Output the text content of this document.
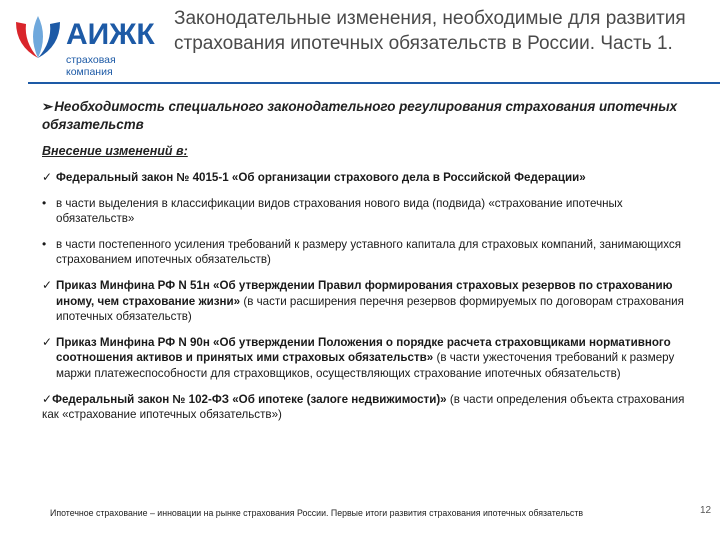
АИЖК
страховая компания
Законодательные изменения, необходимые для развития страхования ипотечных обязательств в России. Часть 1.
➢Необходимость специального законодательного регулирования страхования ипотечных обязательств
Внесение изменений в:
✓ Федеральный закон № 4015-1 «Об организации страхового дела в Российской Федерации»
• в части выделения в классификации видов страхования нового вида (подвида) «страхование ипотечных обязательств»
• в части постепенного усиления требований к размеру уставного капитала для страховых компаний, занимающихся страхованием ипотечных обязательств)
✓ Приказ Минфина РФ N 51н «Об утверждении Правил формирования страховых резервов по страхованию иному, чем страхование жизни» (в части расширения перечня резервов формируемых по договорам страхования ипотечных обязательств)
✓ Приказ Минфина РФ N 90н «Об утверждении Положения о порядке расчета страховщиками нормативного соотношения активов и принятых ими страховых обязательств» (в части ужесточения требований к размеру маржи платежеспособности для страховщиков, осуществляющих страхование ипотечных обязательств)
✓Федеральный закон № 102-ФЗ «Об ипотеке (залоге недвижимости)» (в части определения объекта страхования как «страхование ипотечных обязательств»)
Ипотечное страхование – инновации на рынке страхования России. Первые итоги развития страхования ипотечных обязательств	12
